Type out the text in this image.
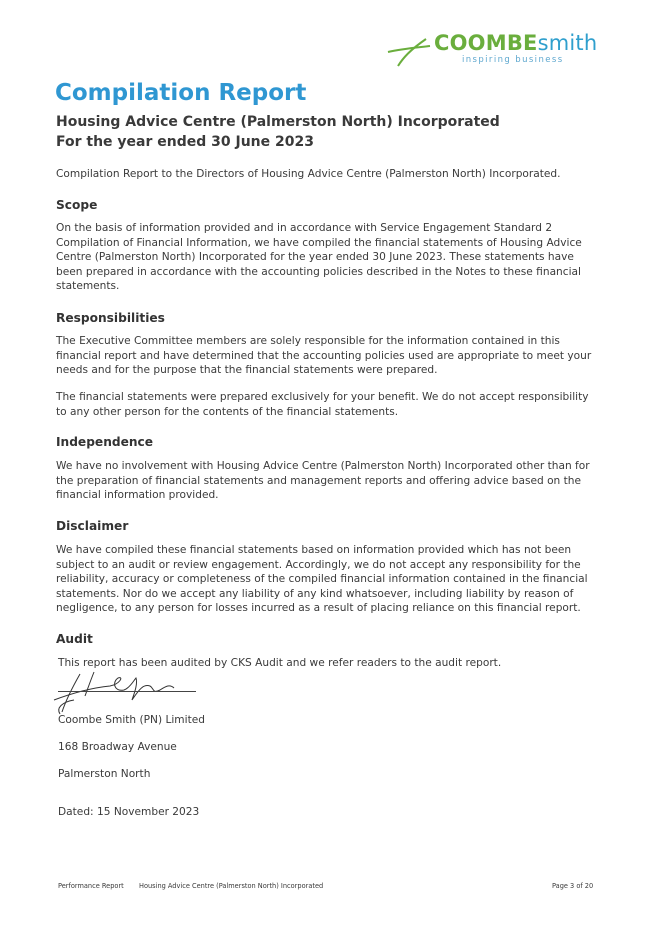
COOMBEsmith
inspiring business
Compilation Report
Housing Advice Centre (Palmerston North) Incorporated
For the year ended 30 June 2023

Compilation Report to the Directors of Housing Advice Centre (Palmerston North) Incorporated.

Scope

On the basis of information provided and in accordance with Service Engagement Standard 2 Compilation of Financial Information, we have compiled the financial statements of Housing Advice Centre (Palmerston North) Incorporated for the year ended 30 June 2023. These statements have been prepared in accordance with the accounting policies described in the Notes to these financial statements.

Responsibilities

The Executive Committee members are solely responsible for the information contained in this financial report and have determined that the accounting policies used are appropriate to meet your needs and for the purpose that the financial statements were prepared.

The financial statements were prepared exclusively for your benefit. We do not accept responsibility to any other person for the contents of the financial statements.

Independence

We have no involvement with Housing Advice Centre (Palmerston North) Incorporated other than for the preparation of financial statements and management reports and offering advice based on the financial information provided.

Disclaimer

We have compiled these financial statements based on information provided which has not been subject to an audit or review engagement. Accordingly, we do not accept any responsibility for the reliability, accuracy or completeness of the compiled financial information contained in the financial statements. Nor do we accept any liability of any kind whatsoever, including liability by reason of negligence, to any person for losses incurred as a result of placing reliance on this financial report.

Audit

This report has been audited by CKS Audit and we refer readers to the audit report.

Coombe Smith (PN) Limited

168 Broadway Avenue

Palmerston North

Dated: 15 November 2023

Performance Report Housing Advice Centre (Palmerston North) Incorporated	Page 3 of 20
